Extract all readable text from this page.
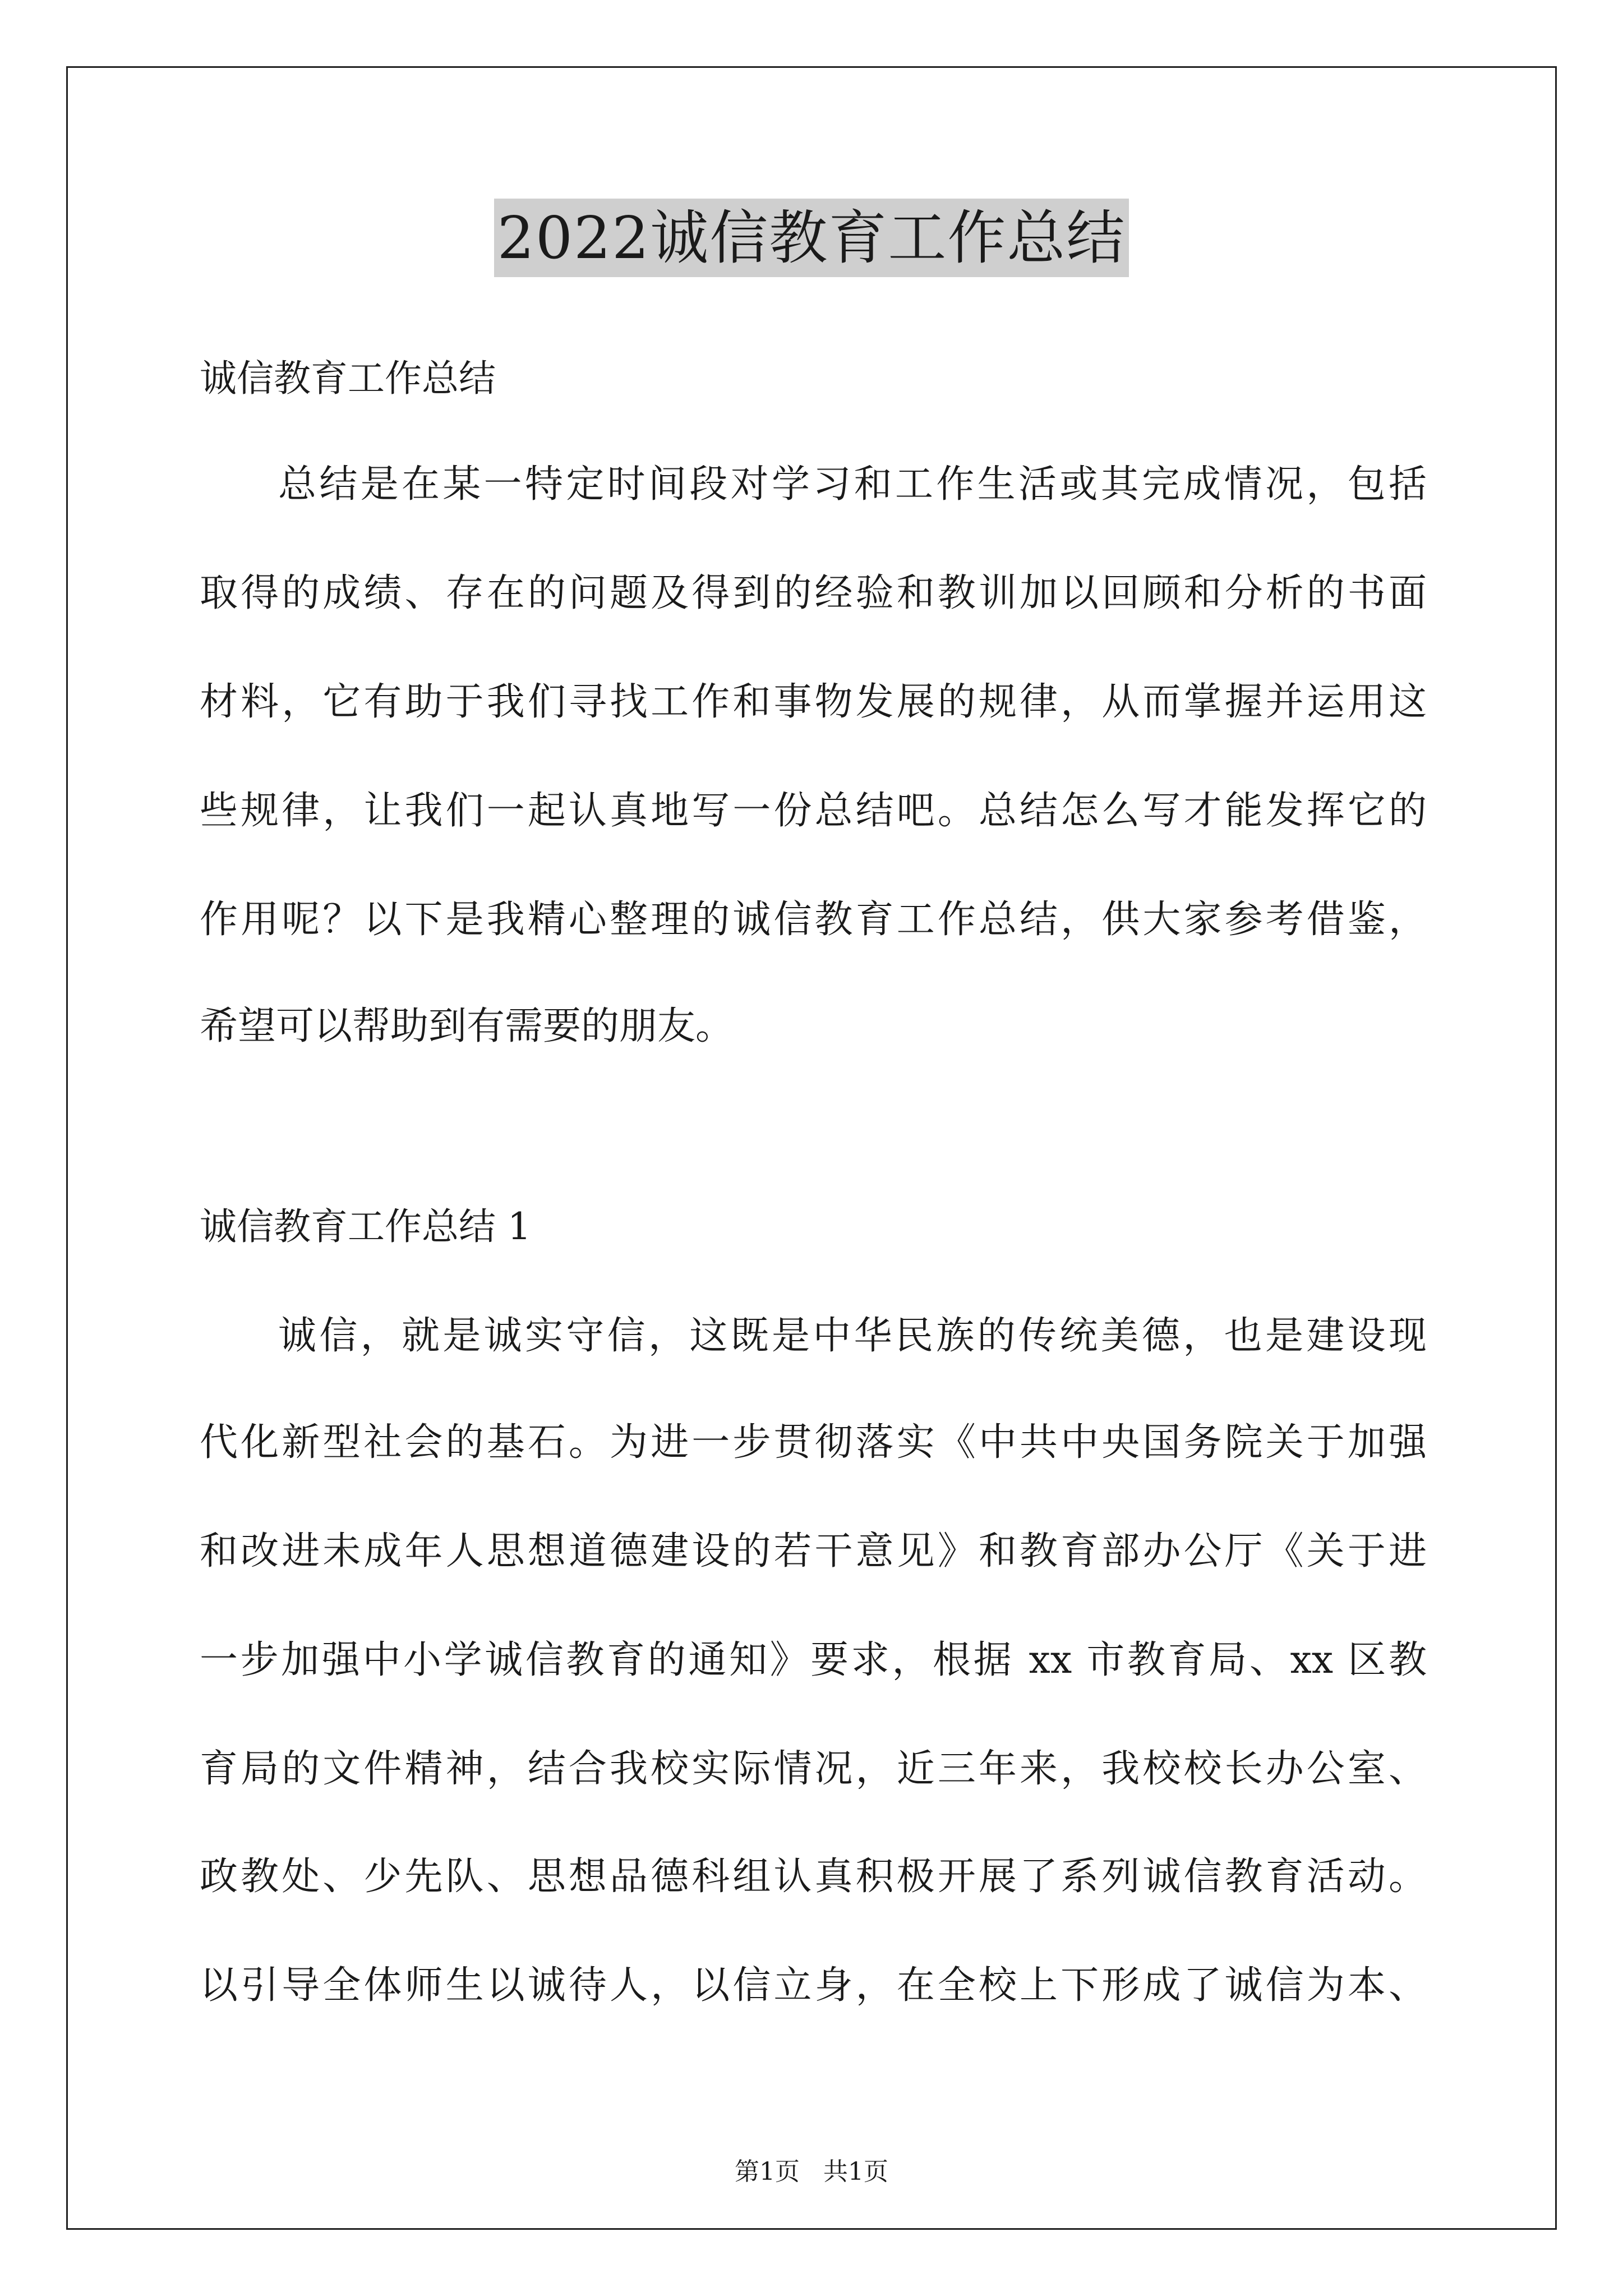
2022诚信教育工作总结
诚信教育工作总结
总结是在某一特定时间段对学习和工作生活或其完成情况，包括
取得的成绩、存在的问题及得到的经验和教训加以回顾和分析的书面
材料，它有助于我们寻找工作和事物发展的规律，从而掌握并运用这
些规律，让我们一起认真地写一份总结吧。总结怎么写才能发挥它的
作用呢？以下是我精心整理的诚信教育工作总结，供大家参考借鉴，
希望可以帮助到有需要的朋友。
诚信教育工作总结 1
诚信，就是诚实守信，这既是中华民族的传统美德，也是建设现
代化新型社会的基石。为进一步贯彻落实《中共中央国务院关于加强
和改进未成年人思想道德建设的若干意见》和教育部办公厅《关于进
一步加强中小学诚信教育的通知》要求，根据 xx 市教育局、xx 区教
育局的文件精神，结合我校实际情况，近三年来，我校校长办公室、
政教处、少先队、思想品德科组认真积极开展了系列诚信教育活动。
以引导全体师生以诚待人，以信立身，在全校上下形成了诚信为本、
第1页   共1页
